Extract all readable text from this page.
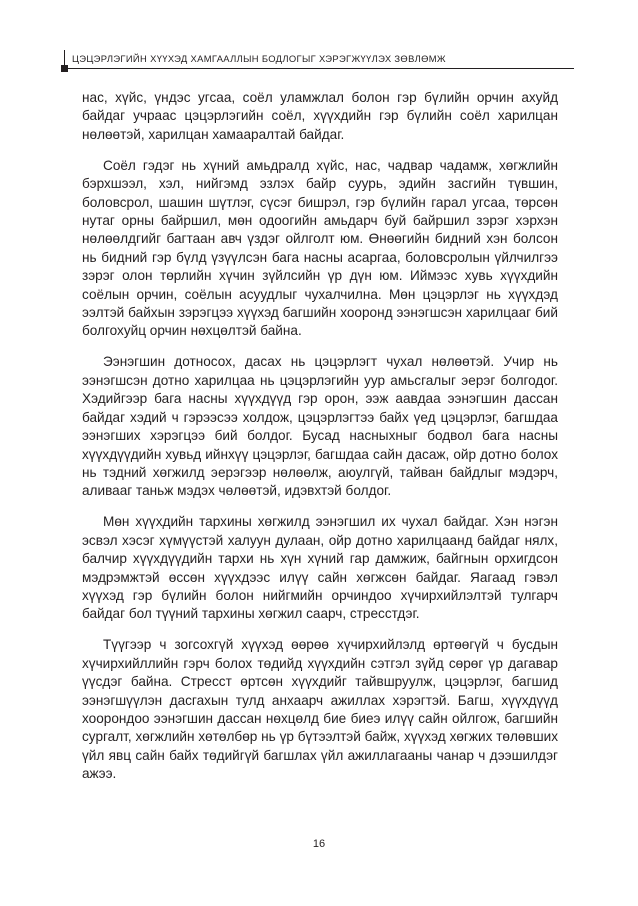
ЦЭЦЭРЛЭГИЙН ХҮҮХЭД ХАМГААЛЛЫН БОДЛОГЫГ ХЭРЭГЖҮҮЛЭХ ЗӨВЛӨМЖ

нас, хүйс, үндэс угсаа, соёл уламжлал болон гэр бүлийн орчин ахуйд байдаг учраас цэцэрлэгийн соёл, хүүхдийн гэр бүлийн соёл харилцан нөлөөтэй, харилцан хамааралтай байдаг.

Соёл гэдэг нь хүний амьдралд хүйс, нас, чадвар чадамж, хөгжлийн бэрхшээл, хэл, нийгэмд эзлэх байр суурь, эдийн засгийн түвшин, боловсрол, шашин шүтлэг, сүсэг бишрэл, гэр бүлийн гарал угсаа, төрсөн нутаг орны байршил, мөн одоогийн амьдарч буй байршил зэрэг хэрхэн нөлөөлдгийг багтаан авч үздэг ойлголт юм. Өнөөгийн бидний хэн болсон нь бидний гэр бүлд үзүүлсэн бага насны асаргаа, боловсролын үйлчилгээ зэрэг олон төрлийн хүчин зүйлсийн үр дүн юм. Иймээс хувь хүүхдийн соёлын орчин, соёлын асуудлыг чухалчилна. Мөн цэцэрлэг нь хүүхдэд ээлтэй байхын зэрэгцээ хүүхэд багшийн хооронд ээнэгшсэн харилцааг бий болгохуйц орчин нөхцөлтэй байна.

Ээнэгшин дотносох, дасах нь цэцэрлэгт чухал нөлөөтэй. Учир нь ээнэгшсэн дотно харилцаа нь цэцэрлэгийн уур амьсгалыг эерэг болгодог. Хэдийгээр бага насны хүүхдүүд гэр орон, ээж аавдаа ээнэгшин дассан байдаг хэдий ч гэрээсээ холдож, цэцэрлэгтээ байх үед цэцэрлэг, багшдаа ээнэгших хэрэгцээ бий болдог. Бусад насныхныг бодвол бага насны хүүхдүүдийн хувьд ийнхүү цэцэрлэг, багшдаа сайн дасаж, ойр дотно болох нь тэдний хөгжилд эерэгээр нөлөөлж, аюулгүй, тайван байдлыг мэдэрч, аливааг таньж мэдэх чөлөөтэй, идэвхтэй болдог.

Мөн хүүхдийн тархины хөгжилд ээнэгшил их чухал байдаг. Хэн нэгэн эсвэл хэсэг хүмүүстэй халуун дулаан, ойр дотно харилцаанд байдаг нялх, балчир хүүхдүүдийн тархи нь хүн хүний гар дамжиж, байгнын орхигдсон мэдрэмжтэй өссөн хүүхдээс илүү сайн хөгжсөн байдаг. Яагаад гэвэл хүүхэд гэр бүлийн болон нийгмийн орчиндоо хүчирхийлэлтэй тулгарч байдаг бол түүний тархины хөгжил саарч, стресстдэг.

Түүгээр ч зогсохгүй хүүхэд өөрөө хүчирхийлэлд өртөөгүй ч бусдын хүчирхийллийн гэрч болох төдийд хүүхдийн сэтгэл зүйд сөрөг үр дагавар үүсдэг байна. Стресст өртсөн хүүхдийг тайвшруулж, цэцэрлэг, багшид ээнэгшүүлэн дасгахын тулд анхаарч ажиллах хэрэгтэй. Багш, хүүхдүүд хоорондоо ээнэгшин дассан нөхцөлд бие биеэ илүү сайн ойлгож, багшийн сургалт, хөгжлийн хөтөлбөр нь үр бүтээлтэй байж, хүүхэд хөгжих төлөвших үйл явц сайн байх төдийгүй багшлах үйл ажиллагааны чанар ч дээшилдэг ажээ.

16
